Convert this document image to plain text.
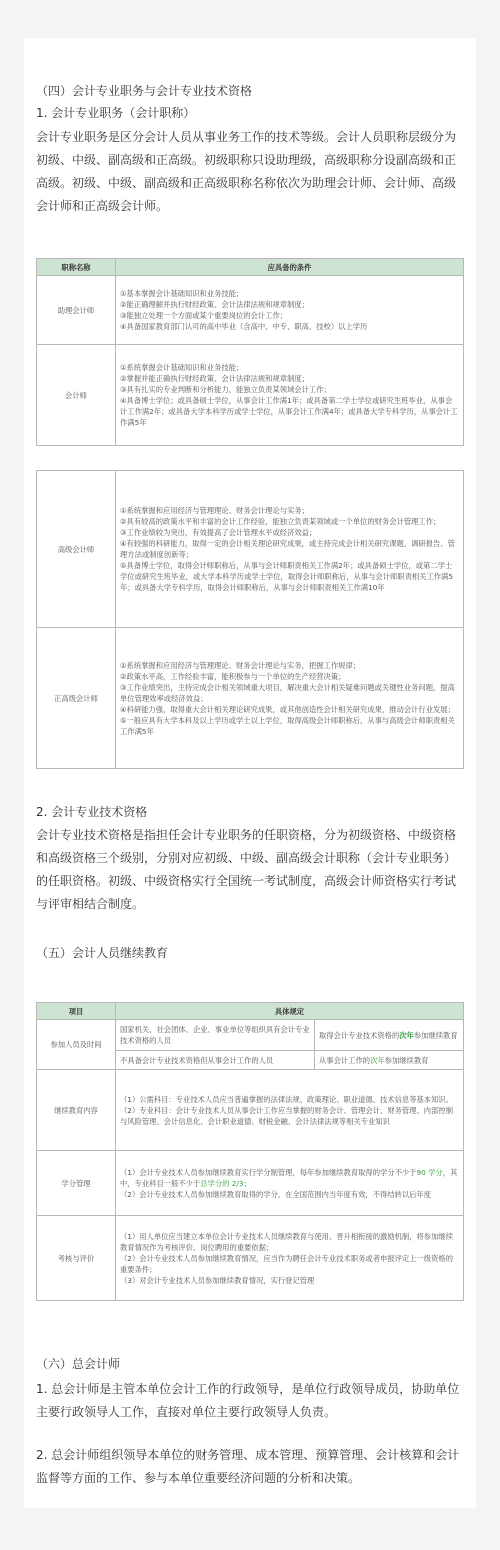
（四）会计专业职务与会计专业技术资格

1. 会计专业职务（会计职称）

会计专业职务是区分会计人员从事业务工作的技术等级。会计人员职称层级分为初级、中级、副高级和正高级。初级职称只设助理级，高级职称分设副高级和正高级。初级、中级、副高级和正高级职称名称依次为助理会计师、会计师、高级会计师和正高级会计师。

职称名称	应具备的条件
助理会计师	①基本掌握会计基础知识和业务技能；
②能正确理解并执行财经政策、会计法律法规和规章制度；
③能独立处理一个方面或某个重要岗位的会计工作；
④具备国家教育部门认可的高中毕业（含高中、中专、职高、技校）以上学历

会计师	①系统掌握会计基础知识和业务技能；
②掌握并能正确执行财经政策、会计法律法规和规章制度；
③具有扎实的专业判断和分析能力，能独立负责某领域会计工作；
④具备博士学位；或具备硕士学位，从事会计工作满1年；或具备第二学士学位或研究生班毕业，从事会计工作满2年；或具备大学本科学历或学士学位，从事会计工作满4年；或具备大学专科学历，从事会计工作满5年
高级会计师	①系统掌握和应用经济与管理理论、财务会计理论与实务；
②具有较高的政策水平和丰富的会计工作经验，能独立负责某领域或一个单位的财务会计管理工作；
③工作业绩较为突出，有效提高了会计管理水平或经济效益；
④有较强的科研能力，取得一定的会计相关理论研究成果，或主持完成会计相关研究课题、调研报告、管理方法或制度创新等；
⑤具备博士学位，取得会计师职称后，从事与会计师职责相关工作满2年；或具备硕士学位，或第二学士学位或研究生班毕业，或大学本科学历或学士学位，取得会计师职称后，从事与会计师职责相关工作满5年；或具备大学专科学历，取得会计师职称后，从事与会计师职责相关工作满10年

正高级会计师	①系统掌握和应用经济与管理理论、财务会计理论与实务，把握工作规律；
②政策水平高，工作经验丰富，能积极参与一个单位的生产经营决策；
③工作业绩突出，主持完成会计相关领域重大项目，解决重大会计相关疑难问题或关键性业务问题，提高单位管理效率或经济效益；
④科研能力强，取得重大会计相关理论研究成果，或其他创造性会计相关研究成果，推动会计行业发展；
⑤一般应具有大学本科及以上学历或学士以上学位，取得高级会计师职称后，从事与高级会计师职责相关工作满5年

2. 会计专业技术资格

会计专业技术资格是指担任会计专业职务的任职资格，分为初级资格、中级资格和高级资格三个级别，分别对应初级、中级、副高级会计职称（会计专业职务）的任职资格。初级、中级资格实行全国统一考试制度，高级会计师资格实行考试与评审相结合制度。

（五）会计人员继续教育

项目	具体规定	
参加人员及时间	国家机关、社会团体、企业、事业单位等组织具有会计专业技术资格的人员	取得会计专业技术资格的次年参加继续教育
	不具备会计专业技术资格但从事会计工作的人员	从事会计工作的次年参加继续教育
继续教育内容	（1）公需科目：专业技术人员应当普遍掌握的法律法规、政策理论、职业道德、技术信息等基本知识。
（2）专业科目：会计专业技术人员从事会计工作应当掌握的财务会计、管理会计、财务管理、内部控制与风险管理、会计信息化、会计职业道德、财税金融、会计法律法规等相关专业知识	

学分管理	（1）会计专业技术人员参加继续教育实行学分制管理，每年参加继续教育取得的学分不少于90 学分，其中，专业科目一般不少于总学分的 2/3；
（2）会计专业技术人员参加继续教育取得的学分，在全国范围内当年度有效，不得结转以后年度	

考核与评价	（1）用人单位应当建立本单位会计专业技术人员继续教育与使用、晋升相衔接的激励机制，将参加继续教育情况作为考核评价、岗位聘用的重要依据；
（2）会计专业技术人员参加继续教育情况，应当作为聘任会计专业技术职务或者申报评定上一级资格的重要条件；
（3）对会计专业技术人员参加继续教育情况，实行登记管理	

（六）总会计师

1. 总会计师是主管本单位会计工作的行政领导，是单位行政领导成员，协助单位主要行政领导人工作，直接对单位主要行政领导人负责。

2. 总会计师组织领导本单位的财务管理、成本管理、预算管理、会计核算和会计监督等方面的工作、参与本单位重要经济问题的分析和决策。
